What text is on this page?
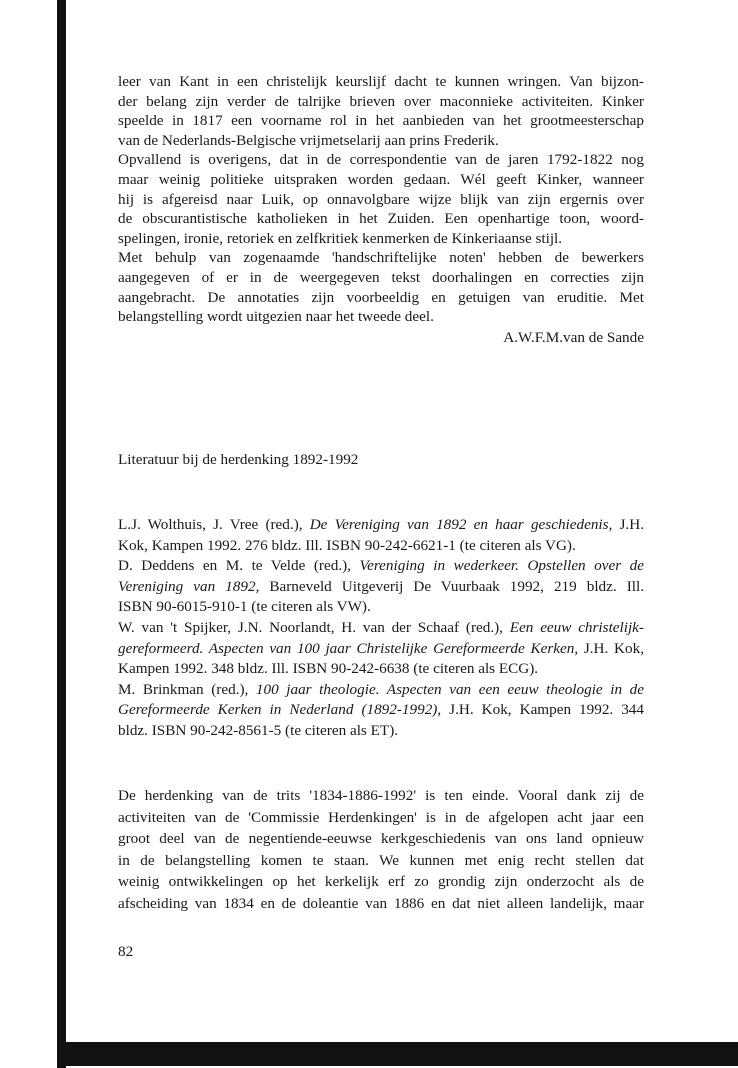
leer van Kant in een christelijk keurslijf dacht te kunnen wringen. Van bijzon-
der belang zijn verder de talrijke brieven over maconnieke activiteiten. Kinker
speelde in 1817 een voorname rol in het aanbieden van het grootmeesterschap
van de Nederlands-Belgische vrijmetselarij aan prins Frederik.

Opvallend is overigens, dat in de correspondentie van de jaren 1792-1822 nog
maar weinig politieke uitspraken worden gedaan. Wél geeft Kinker, wanneer
hij is afgereisd naar Luik, op onnavolgbare wijze blijk van zijn ergernis over
de obscurantistische katholieken in het Zuiden. Een openhartige toon, woord-
spelingen, ironie, retoriek en zelfkritiek kenmerken de Kinkeriaanse stijl.

Met behulp van zogenaamde 'handschriftelijke noten' hebben de bewerkers
aangegeven of er in de weergegeven tekst doorhalingen en correcties zijn
aangebracht. De annotaties zijn voorbeeldig en getuigen van eruditie. Met
belangstelling wordt uitgezien naar het tweede deel.

A.W.F.M.van de Sande
Literatuur bij de herdenking 1892-1992

L.J. Wolthuis, J. Vree (red.), De Vereniging van 1892 en haar geschiedenis, J.H.
Kok, Kampen 1992. 276 bldz. Ill. ISBN 90-242-6621-1 (te citeren als VG).

D. Deddens en M. te Velde (red.), Vereniging in wederkeer. Opstellen over de
Vereniging van 1892, Barneveld Uitgeverij De Vuurbaak 1992, 219 bldz. Ill.
ISBN 90-6015-910-1 (te citeren als VW).

W. van 't Spijker, J.N. Noorlandt, H. van der Schaaf (red.), Een eeuw christelijk-
gereformeerd. Aspecten van 100 jaar Christelijke Gereformeerde Kerken, J.H. Kok,
Kampen 1992. 348 bldz. Ill. ISBN 90-242-6638 (te citeren als ECG).

M. Brinkman (red.), 100 jaar theologie. Aspecten van een eeuw theologie in de
Gereformeerde Kerken in Nederland (1892-1992), J.H. Kok, Kampen 1992. 344
bldz. ISBN 90-242-8561-5 (te citeren als ET).

De herdenking van de trits '1834-1886-1992' is ten einde. Vooral dank zij de
activiteiten van de 'Commissie Herdenkingen' is in de afgelopen acht jaar een
groot deel van de negentiende-eeuwse kerkgeschiedenis van ons land opnieuw
in de belangstelling komen te staan. We kunnen met enig recht stellen dat
weinig ontwikkelingen op het kerkelijk erf zo grondig zijn onderzocht als de
afscheiding van 1834 en de doleantie van 1886 en dat niet alleen landelijk, maar
82
